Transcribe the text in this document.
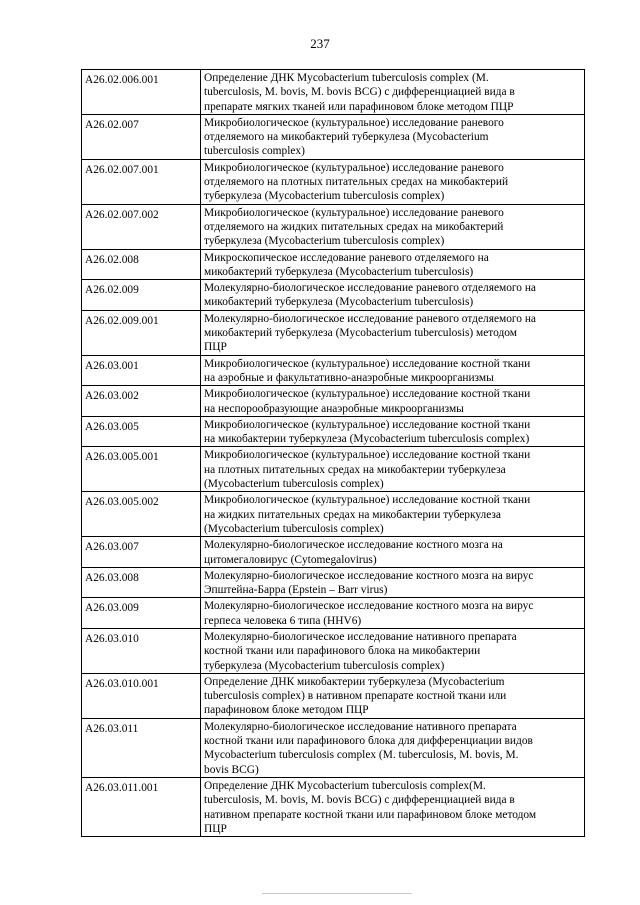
237
A26.02.006.001	Определение ДНК Mycobacterium tuberculosis complex (M.
tuberculosis, M. bovis, M. bovis BCG) с дифференциацией вида в
препарате мягких тканей или парафиновом блоке методом ПЦР
A26.02.007	Микробиологическое (культуральное) исследование раневого
отделяемого на микобактерий туберкулеза (Mycobacterium
tuberculosis complex)
A26.02.007.001	Микробиологическое (культуральное) исследование раневого
отделяемого на плотных питательных средах на микобактерий
туберкулеза (Mycobacterium tuberculosis complex)
A26.02.007.002	Микробиологическое (культуральное) исследование раневого
отделяемого на жидких питательных средах на микобактерий
туберкулеза (Mycobacterium tuberculosis complex)
A26.02.008	Микроскопическое исследование раневого отделяемого на
микобактерий туберкулеза (Mycobacterium tuberculosis)
A26.02.009	Молекулярно-биологическое исследование раневого отделяемого на
микобактерий туберкулеза (Mycobacterium tuberculosis)
A26.02.009.001	Молекулярно-биологическое исследование раневого отделяемого на
микобактерий туберкулеза (Mycobacterium tuberculosis) методом
ПЦР
A26.03.001	Микробиологическое (культуральное) исследование костной ткани
на аэробные и факультативно-анаэробные микроорганизмы
A26.03.002	Микробиологическое (культуральное) исследование костной ткани
на неспорообразующие анаэробные микроорганизмы
A26.03.005	Микробиологическое (культуральное) исследование костной ткани
на микобактерии туберкулеза (Mycobacterium tuberculosis complex)
A26.03.005.001	Микробиологическое (культуральное) исследование костной ткани
на плотных питательных средах на микобактерии туберкулеза
(Mycobacterium tuberculosis complex)
A26.03.005.002	Микробиологическое (культуральное) исследование костной ткани
на жидких питательных средах на микобактерии туберкулеза
(Mycobacterium tuberculosis complex)
A26.03.007	Молекулярно-биологическое исследование костного мозга на
цитомегаловирус (Cytomegalovirus)
A26.03.008	Молекулярно-биологическое исследование костного мозга на вирус
Эпштейна-Барра (Epstein – Barr virus)
A26.03.009	Молекулярно-биологическое исследование костного мозга на вирус
герпеса человека 6 типа (HHV6)
A26.03.010	Молекулярно-биологическое исследование нативного препарата
костной ткани или парафинового блока на микобактерии
туберкулеза (Mycobacterium tuberculosis complex)
A26.03.010.001	Определение ДНК микобактерии туберкулеза (Mycobacterium
tuberculosis complex) в нативном препарате костной ткани или
парафиновом блоке методом ПЦР
A26.03.011	Молекулярно-биологическое исследование нативного препарата
костной ткани или парафинового блока для дифференциации видов
Mycobacterium tuberculosis complex (M. tuberculosis, M. bovis, M.
bovis BCG)
A26.03.011.001	Определение ДНК Mycobacterium tuberculosis complex(M.
tuberculosis, M. bovis, M. bovis BCG) с дифференциацией вида в
нативном препарате костной ткани или парафиновом блоке методом
ПЦР
